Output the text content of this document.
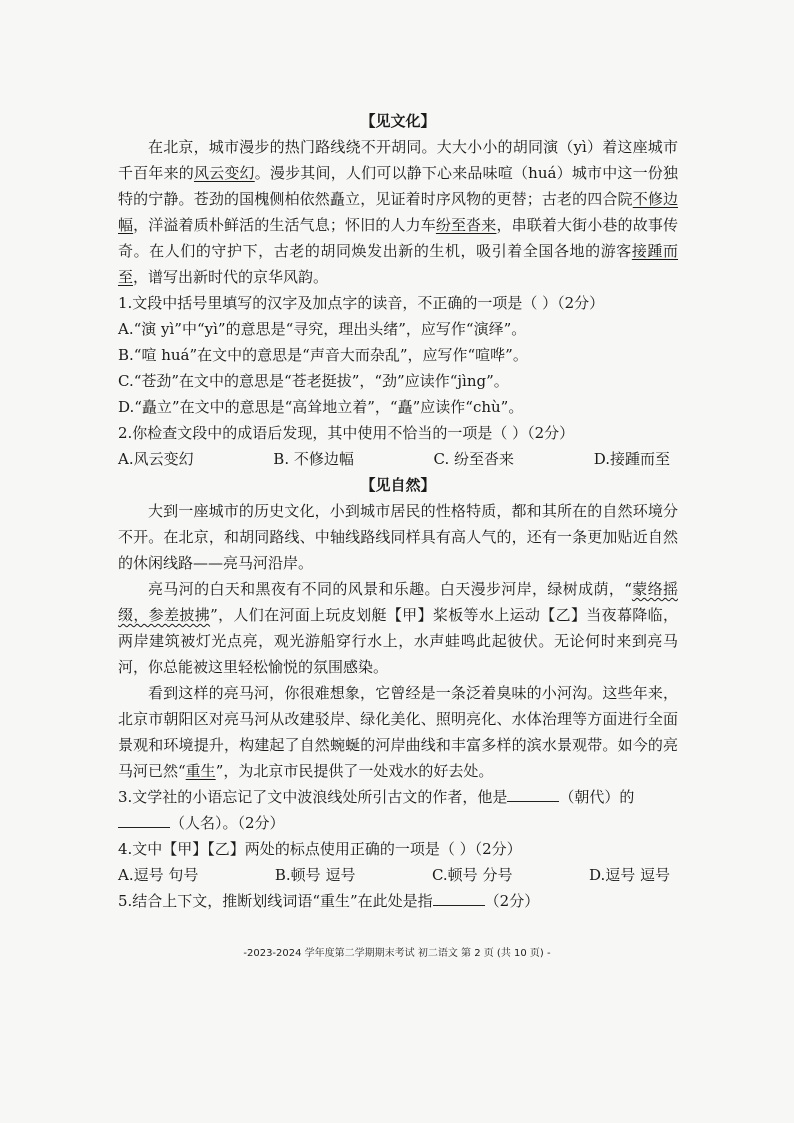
【见文化】

在北京，城市漫步的热门路线绕不开胡同。大大小小的胡同演（yì）着这座城市千百年来的风云变幻。漫步其间，人们可以静下心来品味喧（huá）城市中这一份独特的宁静。苍劲的国槐侧柏依然矗立，见证着时序风物的更替；古老的四合院不修边幅，洋溢着质朴鲜活的生活气息；怀旧的人力车纷至沓来，串联着大街小巷的故事传奇。在人们的守护下，古老的胡同焕发出新的生机，吸引着全国各地的游客接踵而至，谱写出新时代的京华风韵。

1.文段中括号里填写的汉字及加点字的读音，不正确的一项是（ ）（2分）

A.“演 yì”中“yì”的意思是“寻究，理出头绪”，应写作“演绎”。

B.“喧 huá”在文中的意思是“声音大而杂乱”，应写作“喧哗”。

C.“苍劲”在文中的意思是“苍老挺拔”，“劲”应读作“jìng”。

D.“矗立”在文中的意思是“高耸地立着”，“矗”应读作“chù”。

2.你检查文段中的成语后发现，其中使用不恰当的一项是（ ）（2分）

A.风云变幻	B. 不修边幅	C. 纷至沓来	D.接踵而至

【见自然】

大到一座城市的历史文化，小到城市居民的性格特质，都和其所在的自然环境分不开。在北京，和胡同路线、中轴线路线同样具有高人气的，还有一条更加贴近自然的休闲线路——亮马河沿岸。

亮马河的白天和黑夜有不同的风景和乐趣。白天漫步河岸，绿树成荫，“蒙络摇缀，参差披拂”，人们在河面上玩皮划艇【甲】桨板等水上运动【乙】当夜幕降临，两岸建筑被灯光点亮，观光游船穿行水上，水声蛙鸣此起彼伏。无论何时来到亮马河，你总能被这里轻松愉悦的氛围感染。

看到这样的亮马河，你很难想象，它曾经是一条泛着臭味的小河沟。这些年来，北京市朝阳区对亮马河从改建驳岸、绿化美化、照明亮化、水体治理等方面进行全面景观和环境提升，构建起了自然蜿蜒的河岸曲线和丰富多样的滨水景观带。如今的亮马河已然“重生”，为北京市民提供了一处戏水的好去处。

3.文学社的小语忘记了文中波浪线处所引古文的作者，他是	（朝代）的

（人名）。（2分）

4.文中【甲】【乙】两处的标点使用正确的一项是（ ）（2分）

A.逗号 句号	B.顿号 逗号	C.顿号 分号	D.逗号 逗号

5.结合上下文，推断划线词语“重生”在此处是指	（2分）

-2023-2024 学年度第二学期期末考试 初二语文 第 2 页 (共 10 页) -
